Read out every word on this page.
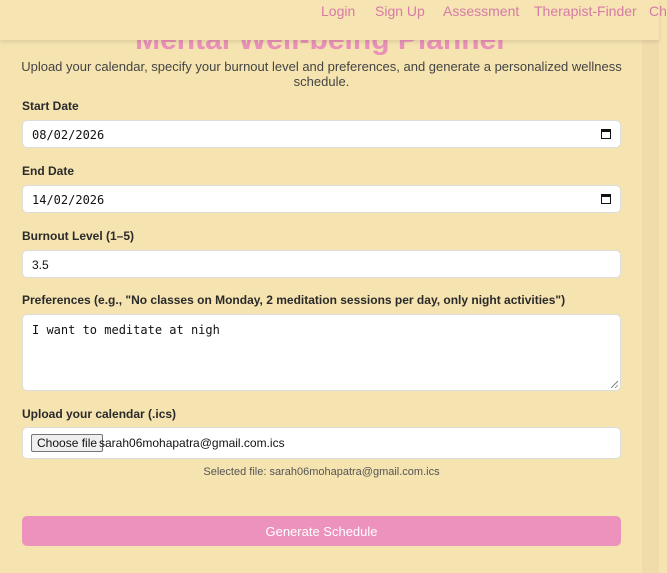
Login Sign Up Assessment Therapist-Finder Ch

Upload your calendar, specify your burnout level and preferences, and generate a personalized wellness schedule.

Start Date
08/02/2026
End Date
14/02/2026
Burnout Level (1–5)
3.5
Preferences (e.g., "No classes on Monday, 2 meditation sessions per day, only night activities")
I want to meditate at nigh
Upload your calendar (.ics)
Choose file sarah06mohapatra@gmail.com.ics
Selected file: sarah06mohapatra@gmail.com.ics
Generate Schedule
